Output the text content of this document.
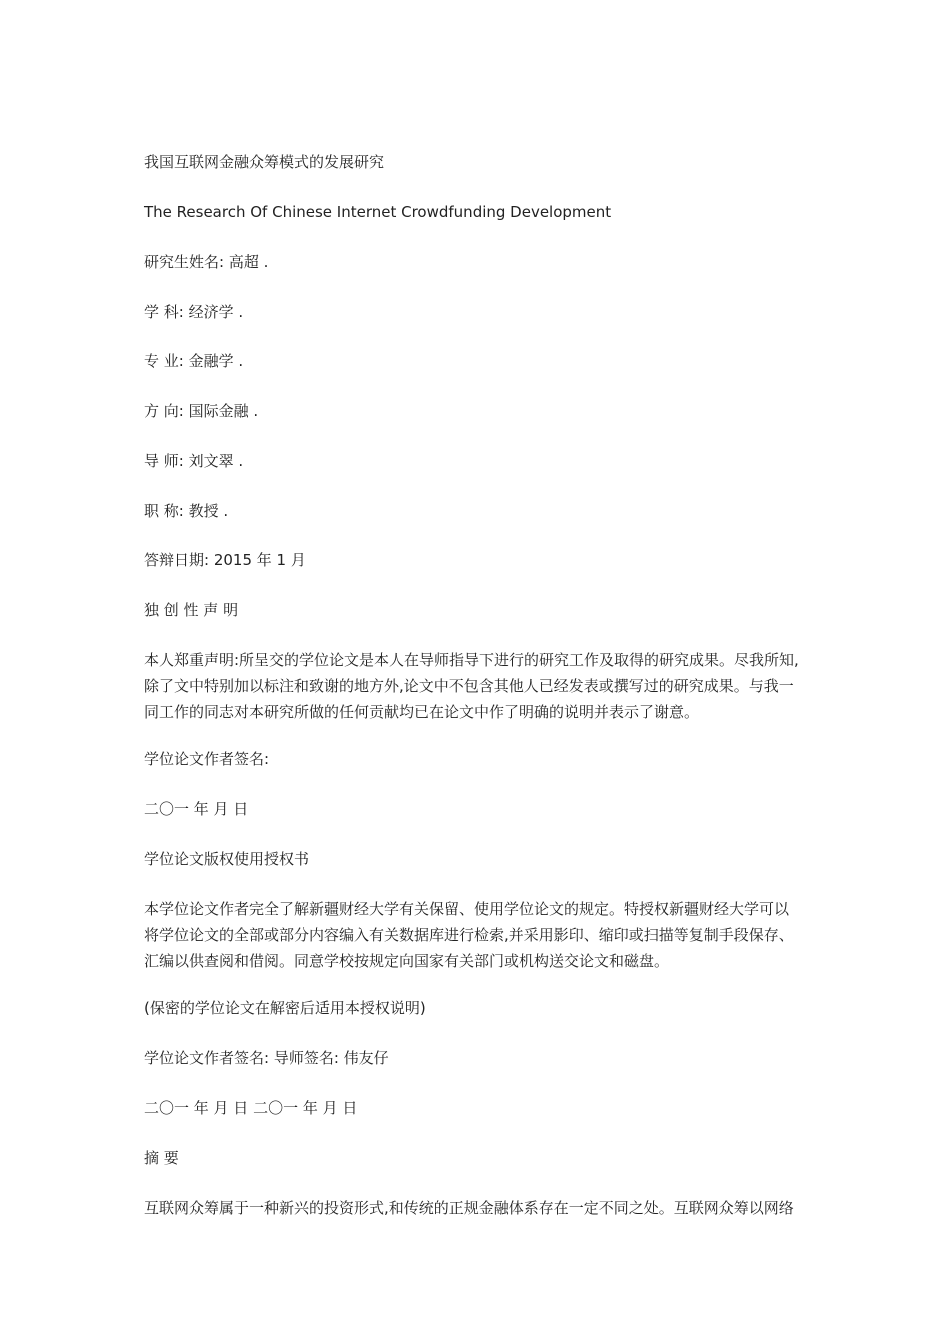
我国互联网金融众筹模式的发展研究

The Research Of Chinese Internet Crowdfunding Development

研究生姓名: 高超 .

学 科: 经济学 .

专 业: 金融学 .

方 向: 国际金融 .

导 师: 刘文翠 .

职 称: 教授 .

答辩日期: 2015 年 1 月

独 创 性 声 明

本人郑重声明:所呈交的学位论文是本人在导师指导下进行的研究工作及取得的研究成果。尽我所知,
除了文中特别加以标注和致谢的地方外,论文中不包含其他人已经发表或撰写过的研究成果。与我一
同工作的同志对本研究所做的任何贡献均已在论文中作了明确的说明并表示了谢意。

学位论文作者签名:

二〇一 年 月 日

学位论文版权使用授权书

本学位论文作者完全了解新疆财经大学有关保留、使用学位论文的规定。特授权新疆财经大学可以
将学位论文的全部或部分内容编入有关数据库进行检索,并采用影印、缩印或扫描等复制手段保存、
汇编以供查阅和借阅。同意学校按规定向国家有关部门或机构送交论文和磁盘。

(保密的学位论文在解密后适用本授权说明)

学位论文作者签名: 导师签名: 伟友仔

二〇一 年 月 日 二〇一 年 月 日

摘 要

互联网众筹属于一种新兴的投资形式,和传统的正规金融体系存在一定不同之处。互联网众筹以网络
